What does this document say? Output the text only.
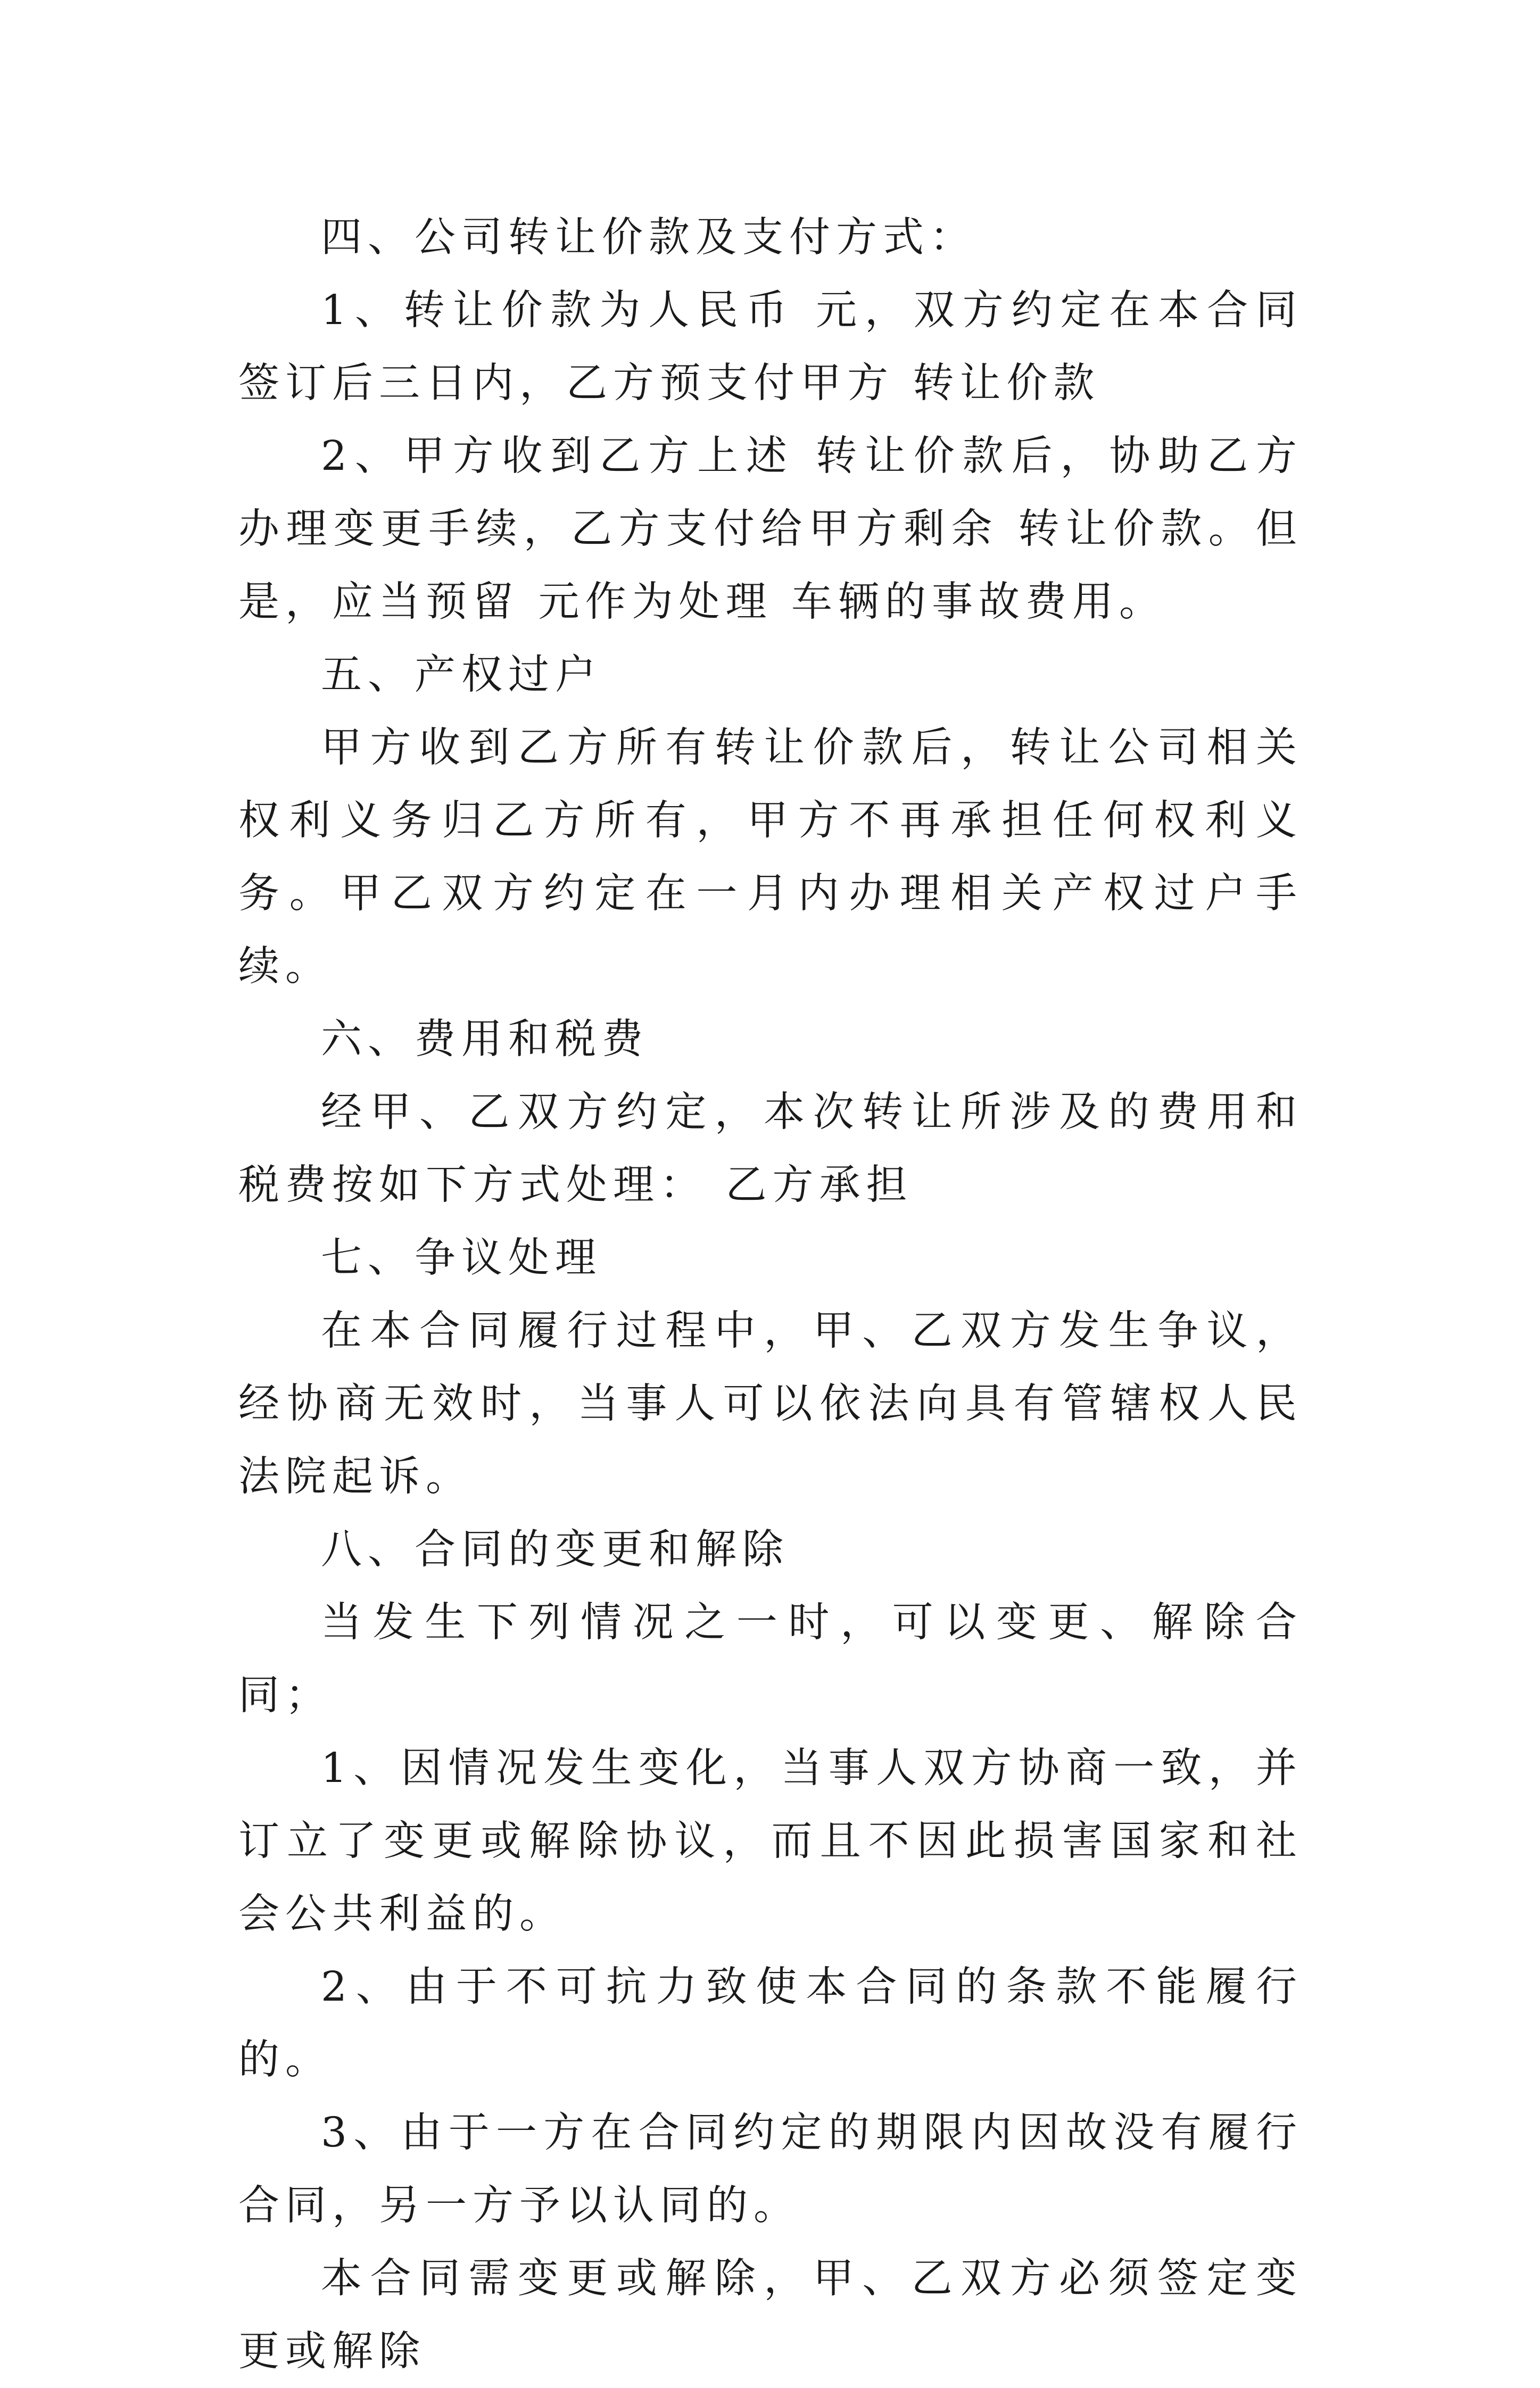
四、公司转让价款及支付方式：

1、转让价款为人民币 元，双方约定在本合同签订后三日内，乙方预支付甲方 转让价款

2、甲方收到乙方上述 转让价款后，协助乙方办理变更手续，乙方支付给甲方剩余 转让价款。但是，应当预留 元作为处理 车辆的事故费用。

五、产权过户

甲方收到乙方所有转让价款后，转让公司相关权利义务归乙方所有，甲方不再承担任何权利义务。甲乙双方约定在一月内办理相关产权过户手续。

六、费用和税费

经甲、乙双方约定，本次转让所涉及的费用和税费按如下方式处理： 乙方承担

七、争议处理

在本合同履行过程中，甲、乙双方发生争议，经协商无效时，当事人可以依法向具有管辖权人民法院起诉。

八、合同的变更和解除

当发生下列情况之一时，可以变更、解除合同；

1、因情况发生变化，当事人双方协商一致，并订立了变更或解除协议，而且不因此损害国家和社会公共利益的。

2、由于不可抗力致使本合同的条款不能履行的。

3、由于一方在合同约定的期限内因故没有履行合同，另一方予以认同的。

本合同需变更或解除，甲、乙双方必须签定变更或解除
